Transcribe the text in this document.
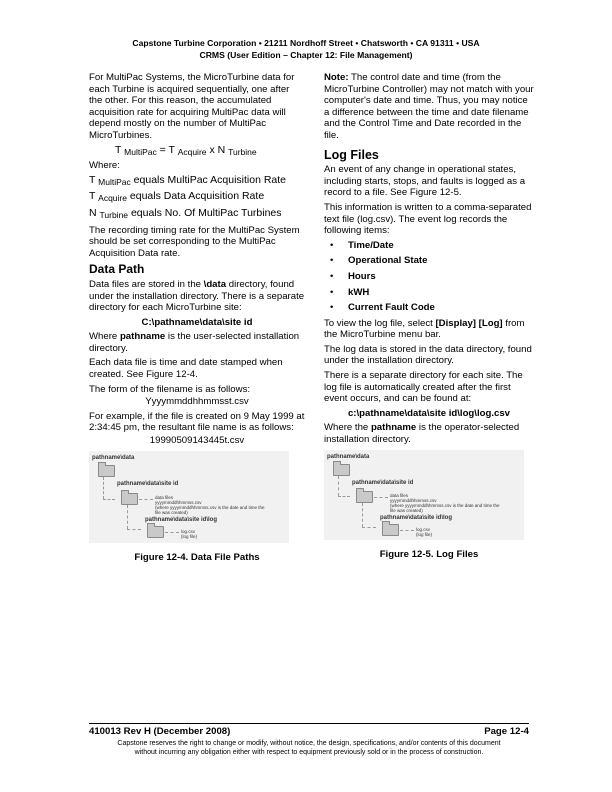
Capstone Turbine Corporation • 21211 Nordhoff Street • Chatsworth • CA 91311 • USA
CRMS (User Edition – Chapter 12: File Management)

For MultiPac Systems, the MicroTurbine data for each Turbine is acquired sequentially, one after the other. For this reason, the accumulated acquisition rate for acquiring MultiPac data will depend mostly on the number of MultiPac MicroTurbines.

T $_{MultiPac}$ = T $_{Acquire}$ x N $_{Turbine}$

Where:

T $_{MultiPac}$ equals MultiPac Acquisition Rate

T $_{Acquire}$ equals Data Acquisition Rate

N $_{Turbine}$ equals No. Of MultiPac Turbines

The recording timing rate for the MultiPac System should be set corresponding to the MultiPac Acquisition Data rate.

Data Path

Data files are stored in the \data directory, found under the installation directory. There is a separate directory for each MicroTurbine site:

C:\pathname\data\site id

Where pathname is the user-selected installation directory.

Each data file is time and date stamped when created. See Figure 12-4.

The form of the filename is as follows:

Yyyymmddhhmmsst.csv

For example, if the file is created on 9 May 1999 at 2:34:45 pm, the resultant file name is as follows:

19990509143445t.csv

pathname\data
pathname\data\site id
data files
yyyymmddhhmmss.csv
(where yyyymmddhhmmss.csv is the date and time the
file was created)
pathname\data\site id\log
log.csv
(log file)

Figure 12-4. Data File Paths

Note: The control date and time (from the MicroTurbine Controller) may not match with your computer's date and time. Thus, you may notice a difference between the time and date filename and the Control Time and Date recorded in the file.

Log Files

An event of any change in operational states, including starts, stops, and faults is logged as a record to a file. See Figure 12-5.

This information is written to a comma-separated text file (log.csv). The event log records the following items:

• Time/Date
• Operational State
• Hours
• kWH
• Current Fault Code

To view the log file, select [Display] [Log] from the MicroTurbine menu bar.

The log data is stored in the data directory, found under the installation directory.

There is a separate directory for each site. The log file is automatically created after the first event occurs, and can be found at:

c:\pathname\data\site id\log\log.csv

Where the pathname is the operator-selected installation directory.

pathname\data
pathname\data\site id
data files
yyyymmddhhmmss.csv
(where yyyymmddhhmmss.csv is the date and time the
file was created)
pathname\data\site id\log
log.csv
(log file)

Figure 12-5. Log Files

410013 Rev H (December 2008)	Page 12-4
Capstone reserves the right to change or modify, without notice, the design, specifications, and/or contents of this document
without incurring any obligation either with respect to equipment previously sold or in the process of construction.
